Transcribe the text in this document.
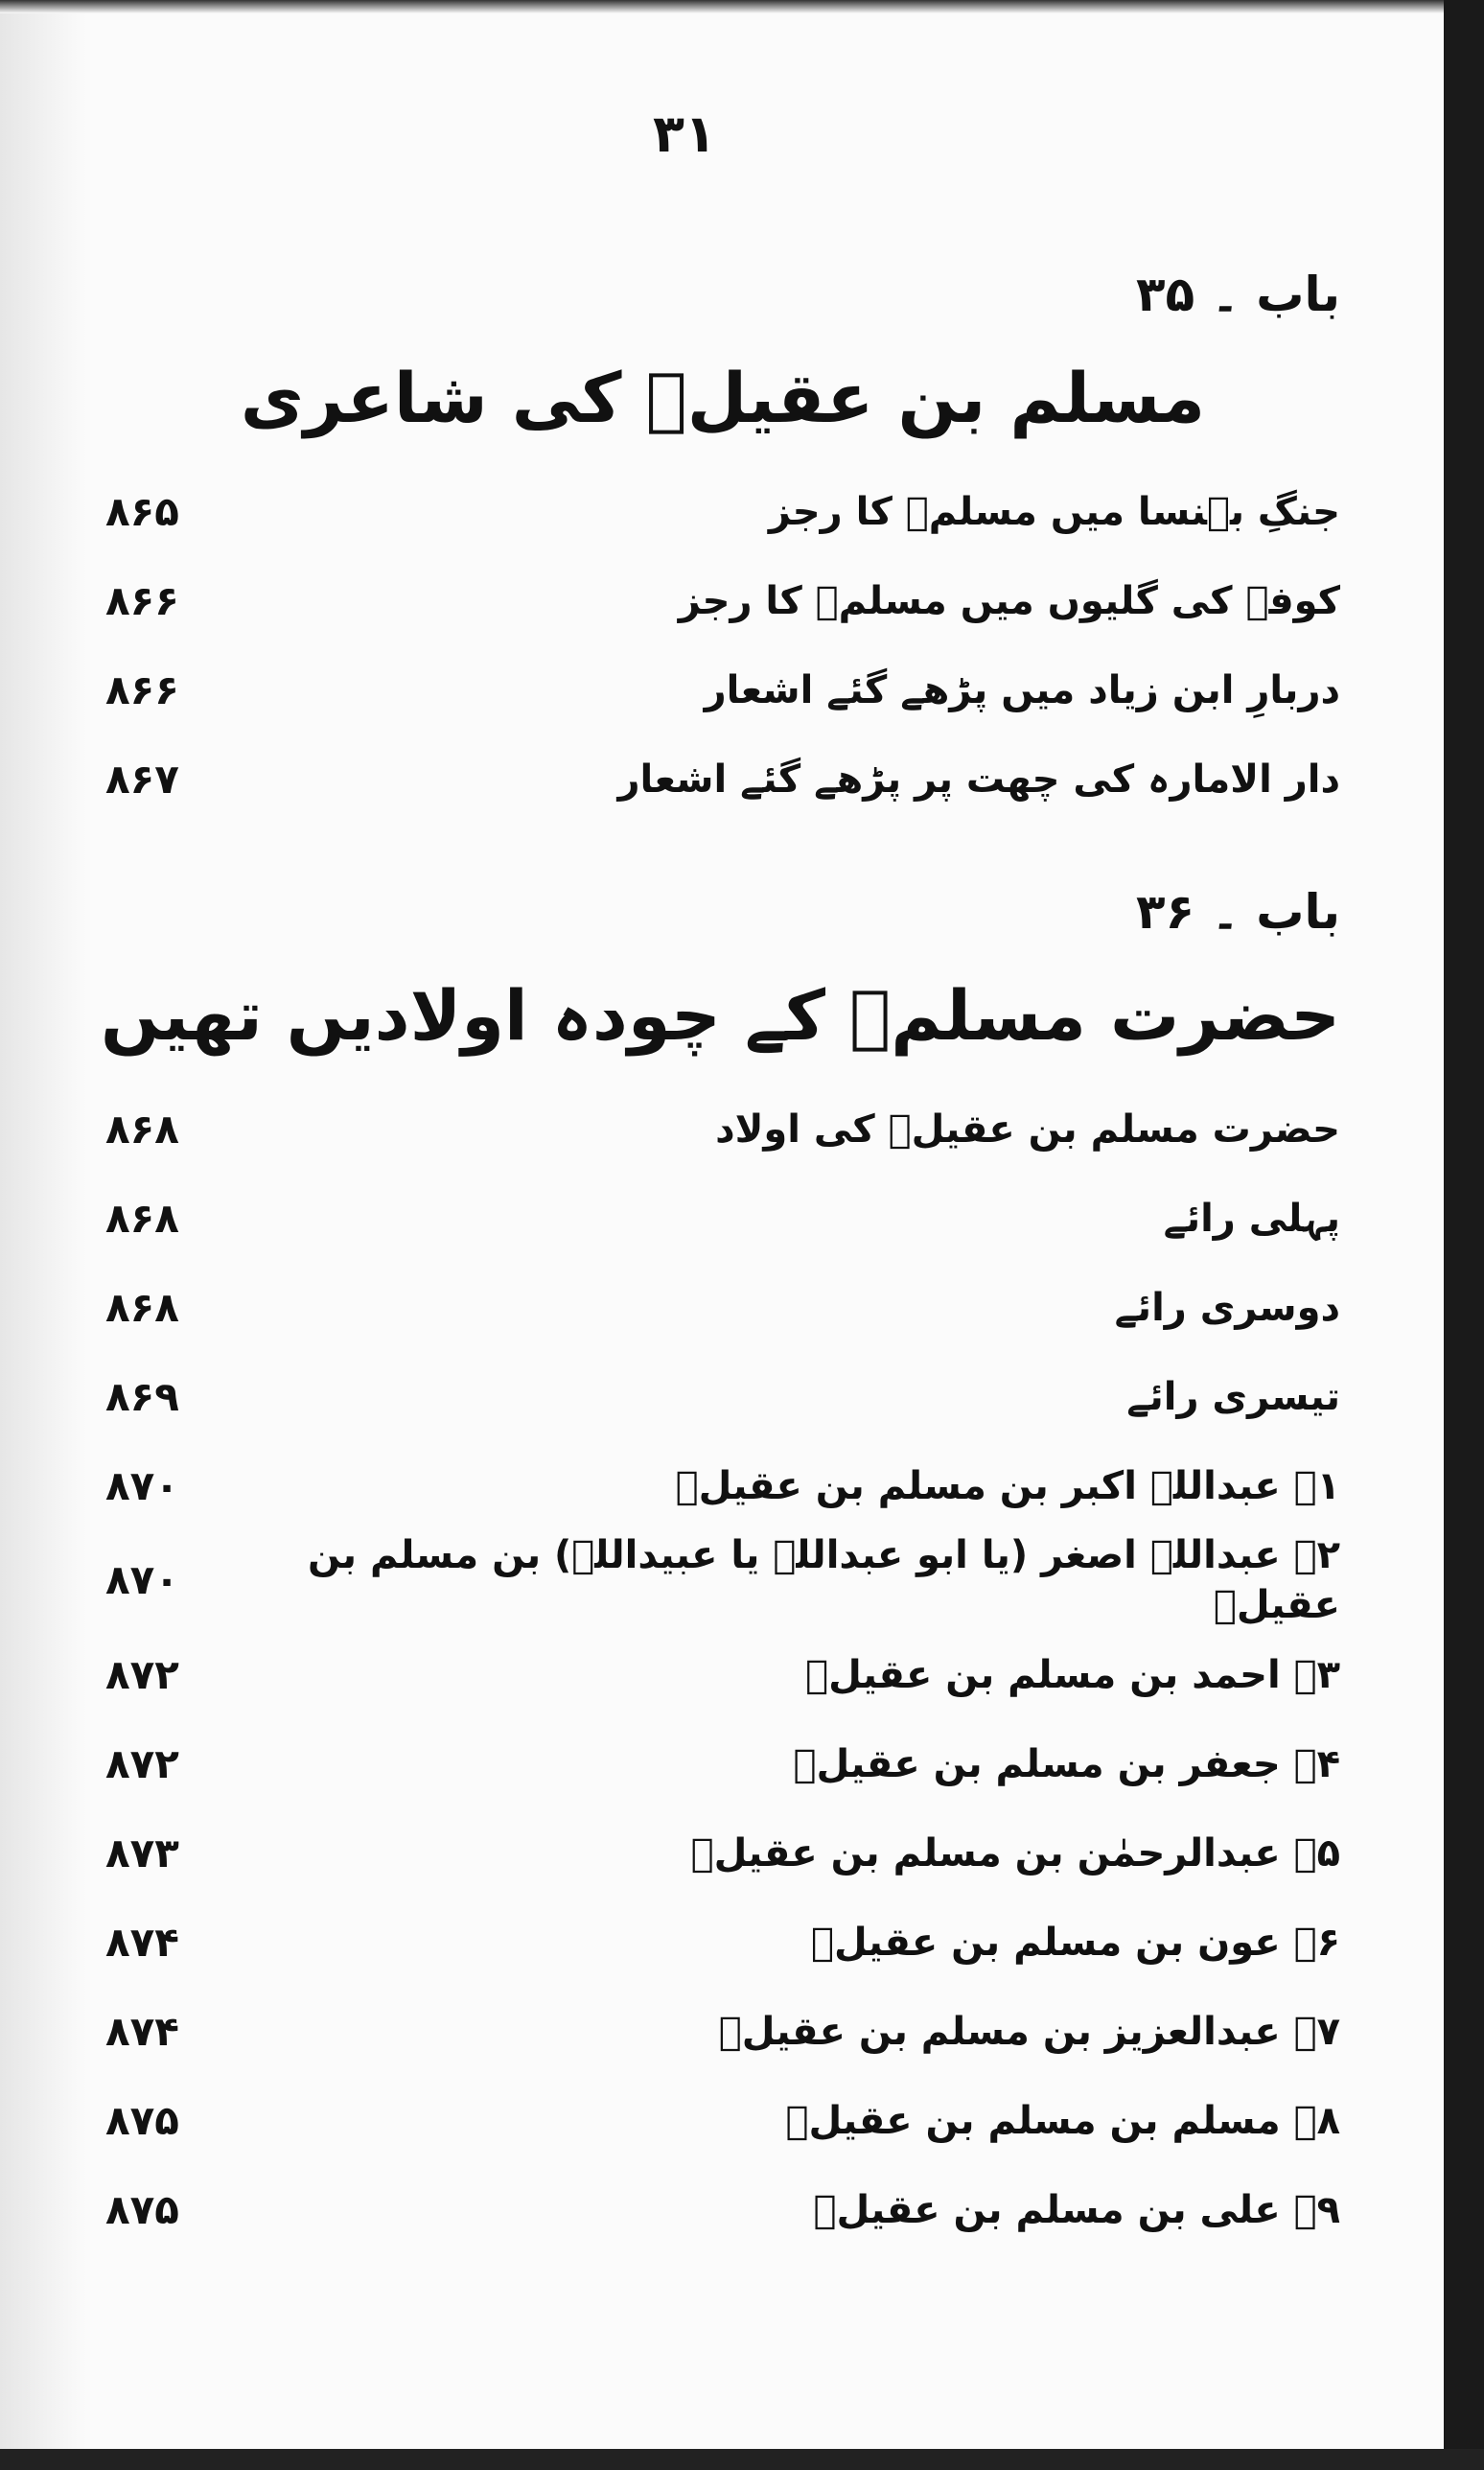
۳۱
باب ۔ ۳۵
مسلم بن عقیلؑ کی شاعری
جنگِ بہنسا میں مسلمؑ کا رجز
۸۶۵
کوفے کی گلیوں میں مسلمؑ کا رجز
۸۶۶
دربارِ ابن زیاد میں پڑھے گئے اشعار
۸۶۶
دار الامارہ کی چھت پر پڑھے گئے اشعار
۸۶۷
باب ۔ ۳۶
حضرت مسلمؑ کے چودہ اولادیں تھیں
حضرت مسلم بن عقیلؑ کی اولاد
۸۶۸
پہلی رائے
۸۶۸
دوسری رائے
۸۶۸
تیسری رائے
۸۶۹
۱۔ عبداللہ اکبر بن مسلم بن عقیلؑ
۸۷۰
۲۔ عبداللہ اصغر (یا ابو عبداللہ یا عبیداللہ) بن مسلم بن عقیلؑ
۸۷۰
۳۔ احمد بن مسلم بن عقیلؑ
۸۷۲
۴۔ جعفر بن مسلم بن عقیلؑ
۸۷۲
۵۔ عبدالرحمٰن بن مسلم بن عقیلؑ
۸۷۳
۶۔ عون بن مسلم بن عقیلؑ
۸۷۴
۷۔ عبدالعزیز بن مسلم بن عقیلؑ
۸۷۴
۸۔ مسلم بن مسلم بن عقیلؑ
۸۷۵
۹۔ علی بن مسلم بن عقیلؑ
۸۷۵
